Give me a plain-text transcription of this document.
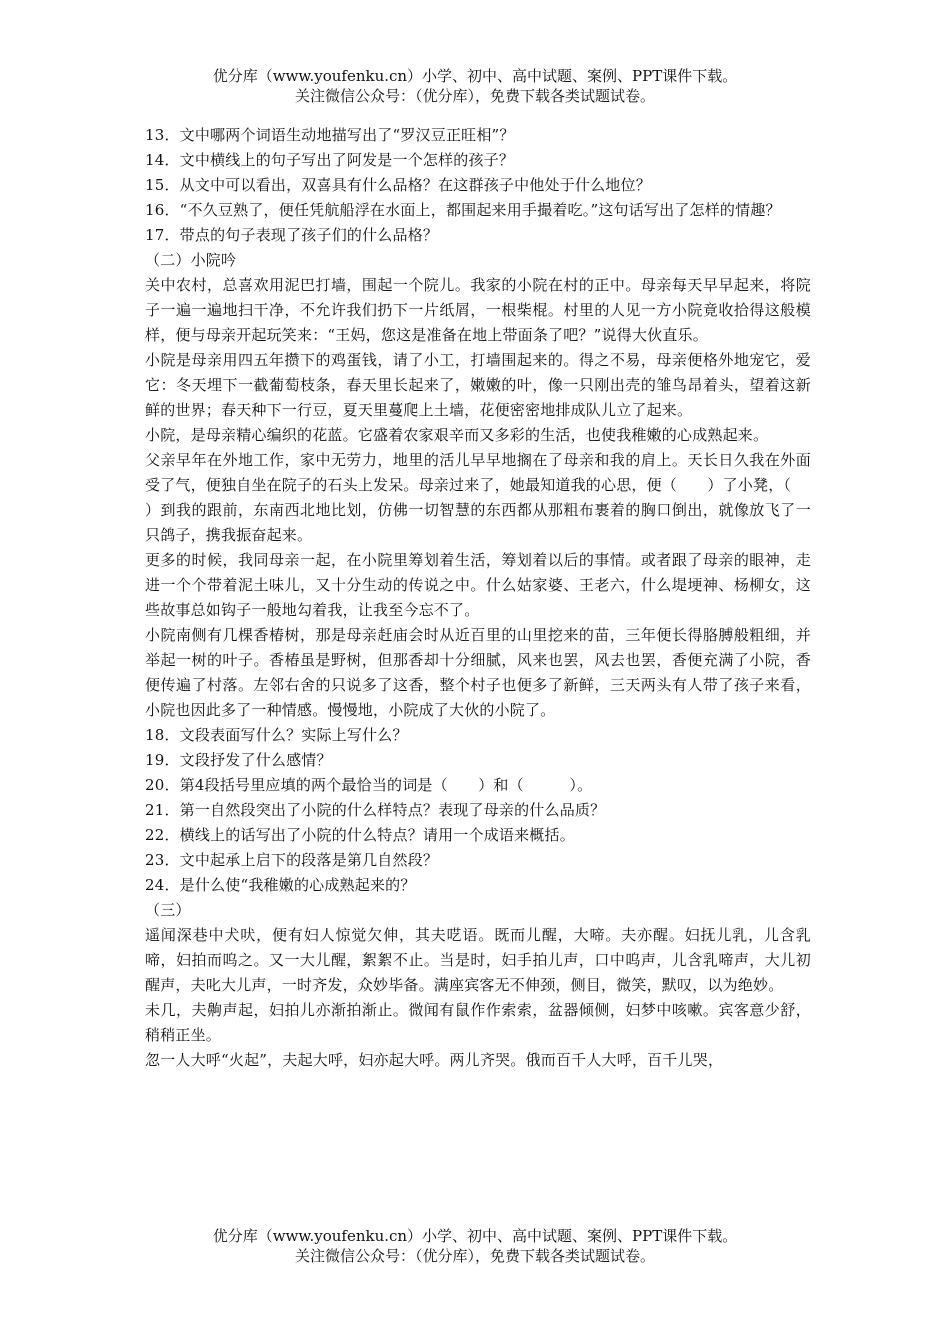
优分库（www.youfenku.cn）小学、初中、高中试题、案例、PPT课件下载。
关注微信公众号：（优分库），免费下载各类试题试卷。

13．文中哪两个词语生动地描写出了“罗汉豆正旺相”？

14．文中横线上的句子写出了阿发是一个怎样的孩子？

15．从文中可以看出，双喜具有什么品格？在这群孩子中他处于什么地位？

16．“不久豆熟了，便任凭航船浮在水面上，都围起来用手撮着吃。”这句话写出了怎样的情趣？

17．带点的句子表现了孩子们的什么品格？

（二）小院吟

关中农村，总喜欢用泥巴打墙，围起一个院儿。我家的小院在村的正中。母亲每天早早起来，将院子一遍一遍地扫干净，不允许我们扔下一片纸屑，一根柴棍。村里的人见一方小院竟收拾得这般模样，便与母亲开起玩笑来：“王妈，您这是准备在地上带面条了吧？”说得大伙直乐。

小院是母亲用四五年攒下的鸡蛋钱，请了小工，打墙围起来的。得之不易，母亲便格外地宠它，爱它：冬天埋下一截葡萄枝条，春天里长起来了，嫩嫩的叶，像一只刚出壳的雏鸟昂着头，望着这新鲜的世界；春天种下一行豆，夏天里蔓爬上土墙，花便密密地排成队儿立了起来。

小院，是母亲精心编织的花蓝。它盛着农家艰辛而又多彩的生活，也使我稚嫩的心成熟起来。

父亲早年在外地工作，家中无劳力，地里的活儿早早地搁在了母亲和我的肩上。天长日久我在外面受了气，便独自坐在院子的石头上发呆。母亲过来了，她最知道我的心思，便（　　）了小凳，（

）到我的跟前，东南西北地比划，仿佛一切智慧的东西都从那粗布裹着的胸口倒出，就像放飞了一只鸽子，携我振奋起来。

更多的时候，我同母亲一起，在小院里筹划着生活，筹划着以后的事情。或者跟了母亲的眼神，走进一个个带着泥土味儿，又十分生动的传说之中。什么姑家婆、王老六，什么堤埂神、杨柳女，这些故事总如钩子一般地勾着我，让我至今忘不了。

小院南侧有几棵香椿树，那是母亲赶庙会时从近百里的山里挖来的苗，三年便长得胳膊般粗细，并举起一树的叶子。香椿虽是野树，但那香却十分细腻，风来也罢，风去也罢，香便充满了小院，香便传遍了村落。左邻右舍的只说多了这香，整个村子也便多了新鲜，三天两头有人带了孩子来看，小院也因此多了一种情感。慢慢地，小院成了大伙的小院了。

18．文段表面写什么？实际上写什么？

19．文段抒发了什么感情？

20．第4段括号里应填的两个最恰当的词是（　　）和（　　　）。

21．第一自然段突出了小院的什么样特点？表现了母亲的什么品质？

22．横线上的话写出了小院的什么特点？请用一个成语来概括。

23．文中起承上启下的段落是第几自然段？

24．是什么使“我稚嫩的心成熟起来的？

（三）

遥闻深巷中犬吠，便有妇人惊觉欠伸，其夫呓语。既而儿醒，大啼。夫亦醒。妇抚儿乳，儿含乳啼，妇拍而呜之。又一大儿醒，絮絮不止。当是时，妇手拍儿声，口中呜声，儿含乳啼声，大儿初醒声，夫叱大儿声，一时齐发，众妙毕备。满座宾客无不伸颈，侧目，微笑，默叹，以为绝妙。

未几，夫齁声起，妇拍儿亦渐拍渐止。微闻有鼠作作索索，盆器倾侧，妇梦中咳嗽。宾客意少舒，稍稍正坐。

忽一人大呼“火起”，夫起大呼，妇亦起大呼。两儿齐哭。俄而百千人大呼，百千儿哭，

优分库（www.youfenku.cn）小学、初中、高中试题、案例、PPT课件下载。
关注微信公众号：（优分库），免费下载各类试题试卷。
